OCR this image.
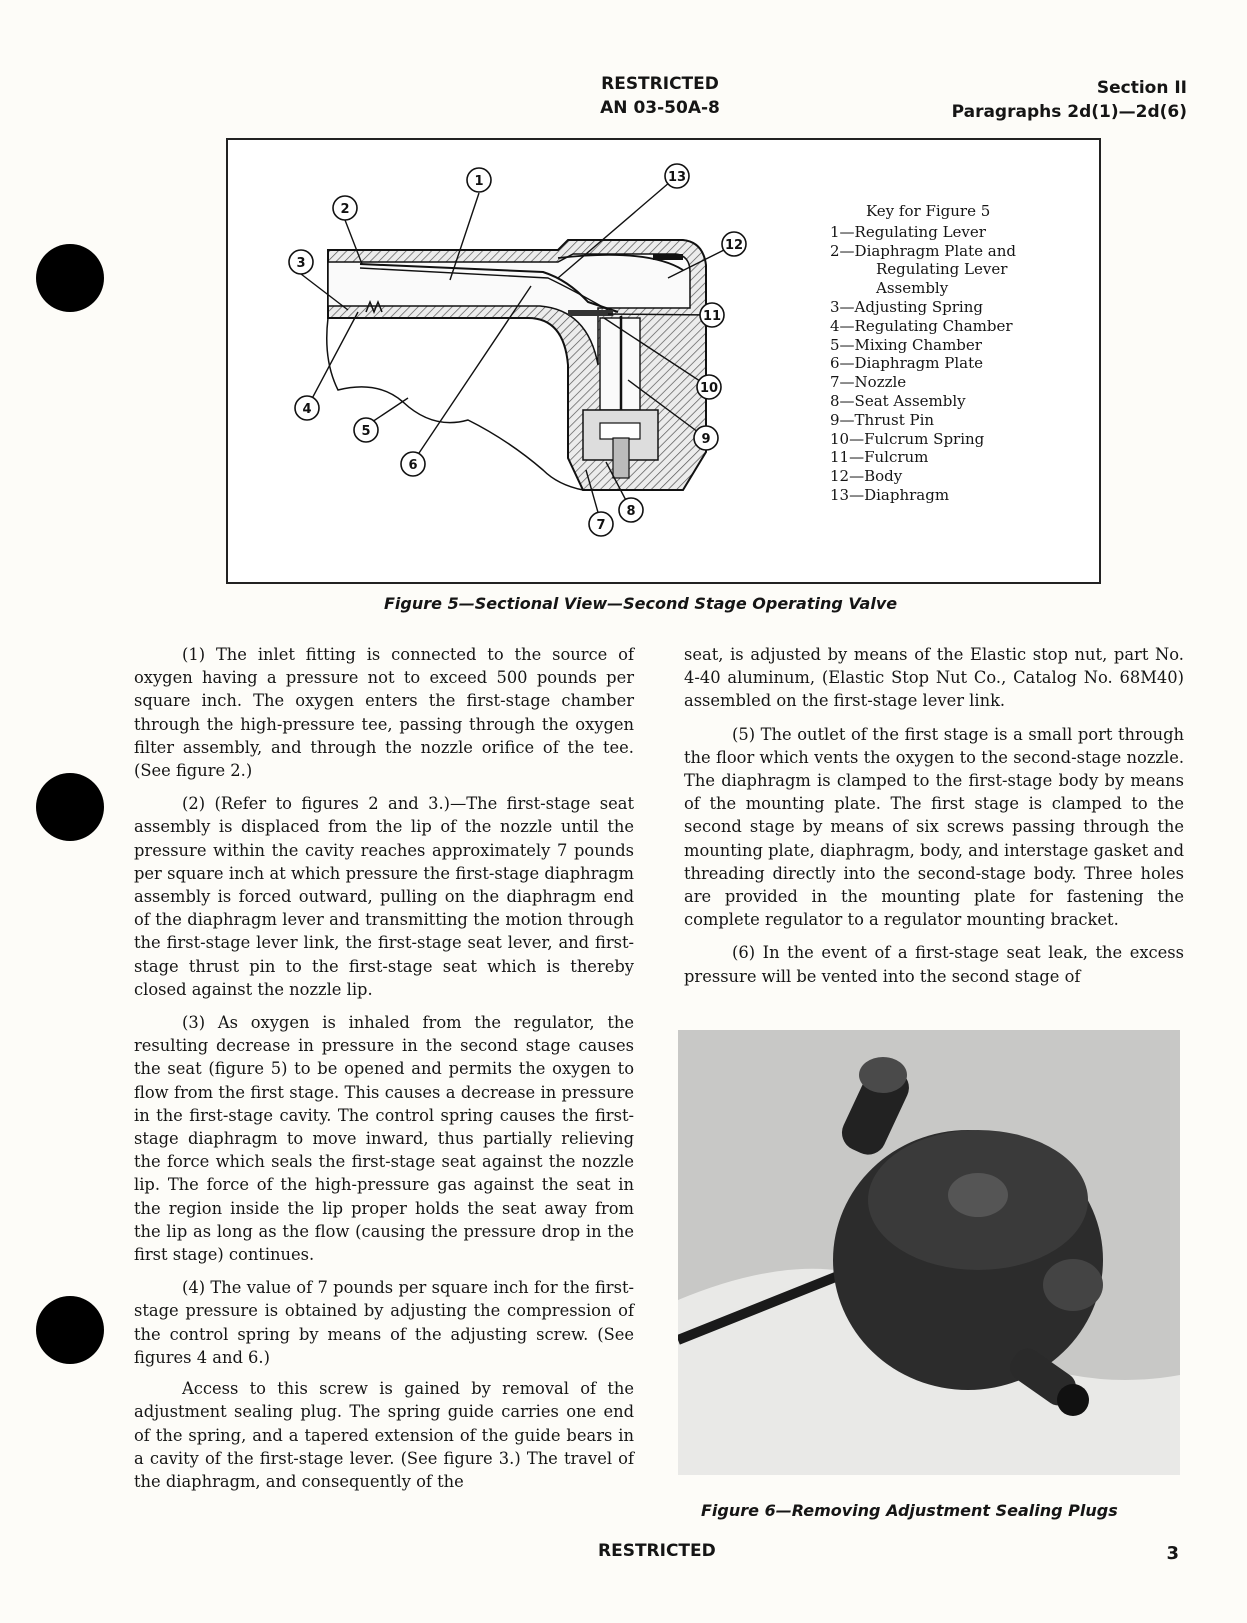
RESTRICTED
AN 03-50A-8
Section II
Paragraphs 2d(1)—2d(6)
1
2
3
4
5
6
7
8
9
10
11
12
13
Key for Figure 5
1—Regulating Lever
2—Diaphragm Plate and
Regulating Lever
Assembly
3—Adjusting Spring
4—Regulating Chamber
5—Mixing Chamber
6—Diaphragm Plate
7—Nozzle
8—Seat Assembly
9—Thrust Pin
10—Fulcrum Spring
11—Fulcrum
12—Body
13—Diaphragm
Figure 5—Sectional View—Second Stage Operating Valve

(1) The inlet fitting is connected to the source of oxygen having a pressure not to exceed 500 pounds per square inch. The oxygen enters the first-stage chamber through the high-pressure tee, passing through the oxygen filter assembly, and through the nozzle orifice of the tee. (See figure 2.)

(2) (Refer to figures 2 and 3.)—The first-stage seat assembly is displaced from the lip of the nozzle until the pressure within the cavity reaches approximately 7 pounds per square inch at which pressure the first-stage diaphragm assembly is forced outward, pulling on the diaphragm end of the diaphragm lever and transmitting the motion through the first-stage lever link, the first-stage seat lever, and first-stage thrust pin to the first-stage seat which is thereby closed against the nozzle lip.

(3) As oxygen is inhaled from the regulator, the resulting decrease in pressure in the second stage causes the seat (figure 5) to be opened and permits the oxygen to flow from the first stage. This causes a decrease in pressure in the first-stage cavity. The control spring causes the first-stage diaphragm to move inward, thus partially relieving the force which seals the first-stage seat against the nozzle lip. The force of the high-pressure gas against the seat in the region inside the lip proper holds the seat away from the lip as long as the flow (causing the pressure drop in the first stage) continues.

(4) The value of 7 pounds per square inch for the first-stage pressure is obtained by adjusting the compression of the control spring by means of the adjusting screw. (See figures 4 and 6.)

Access to this screw is gained by removal of the adjustment sealing plug. The spring guide carries one end of the spring, and a tapered extension of the guide bears in a cavity of the first-stage lever. (See figure 3.) The travel of the diaphragm, and consequently of the

seat, is adjusted by means of the Elastic stop nut, part No. 4-40 aluminum, (Elastic Stop Nut Co., Catalog No. 68M40) assembled on the first-stage lever link.

(5) The outlet of the first stage is a small port through the floor which vents the oxygen to the second-stage nozzle. The diaphragm is clamped to the first-stage body by means of the mounting plate. The first stage is clamped to the second stage by means of six screws passing through the mounting plate, diaphragm, body, and interstage gasket and threading directly into the second-stage body. Three holes are provided in the mounting plate for fastening the complete regulator to a regulator mounting bracket.

(6) In the event of a first-stage seat leak, the excess pressure will be vented into the second stage of

Figure 6—Removing Adjustment Sealing Plugs
RESTRICTED	3
